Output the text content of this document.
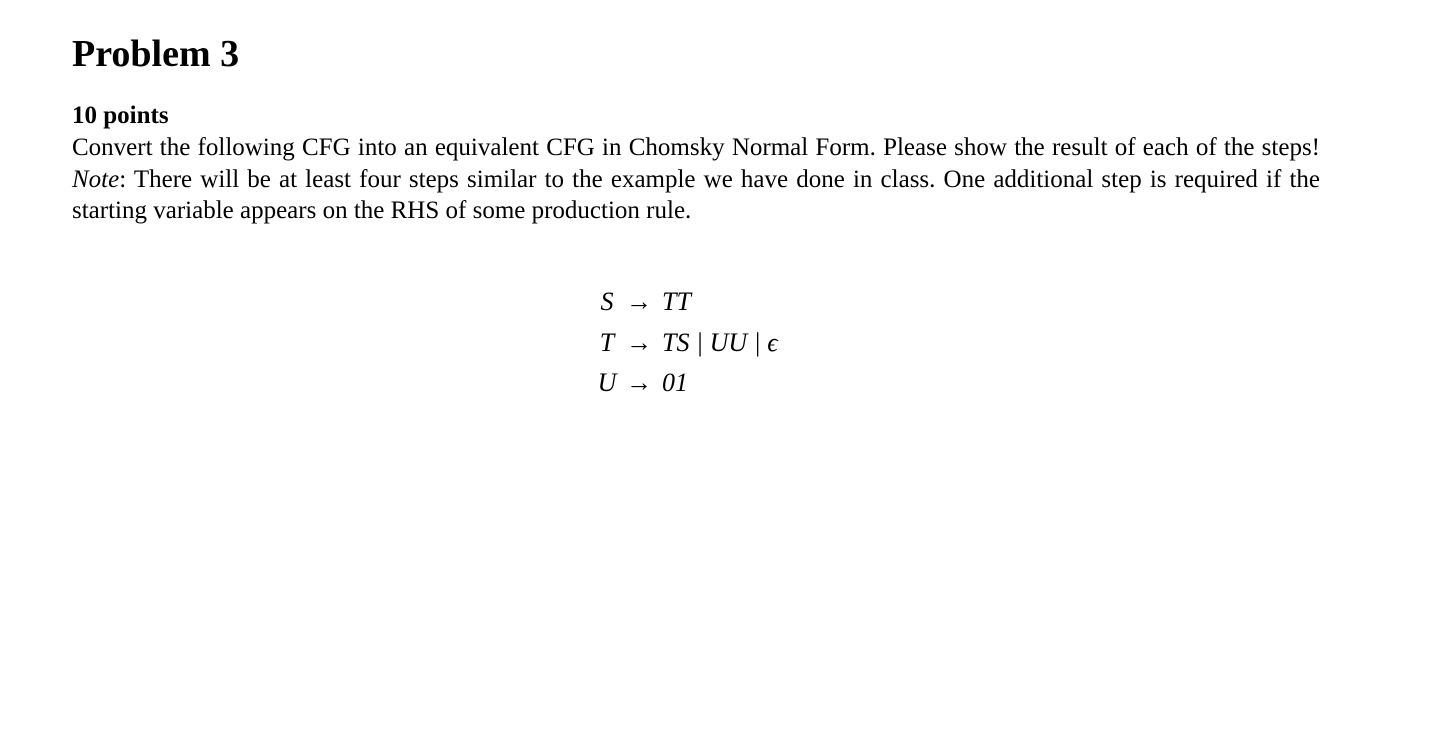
Problem 3
10 points

Convert the following CFG into an equivalent CFG in Chomsky Normal Form. Please show the result of each of the steps! Note: There will be at least four steps similar to the example we have done in class. One additional step is required if the starting variable appears on the RHS of some production rule.

S → TT
T → TS | UU | ϵ
U → 01
